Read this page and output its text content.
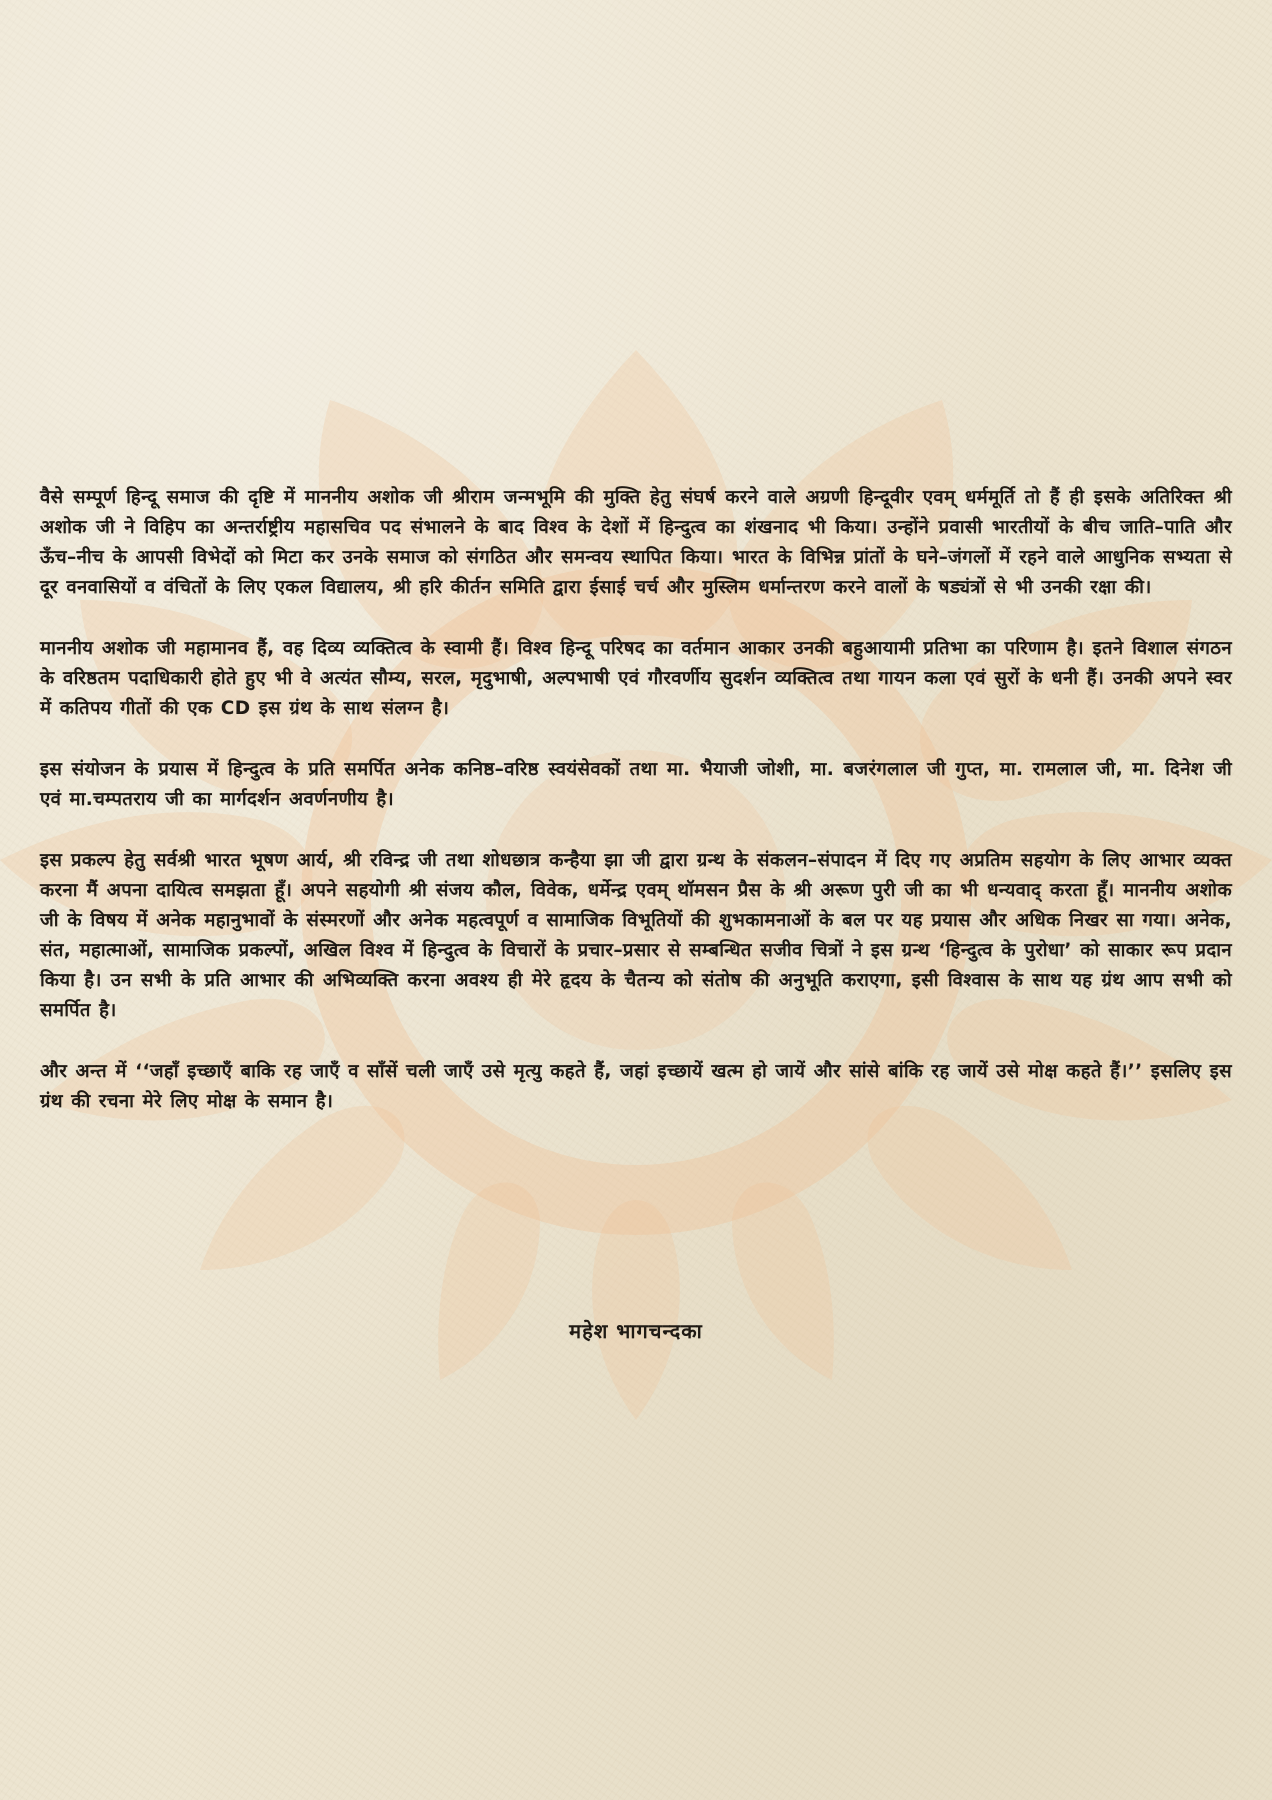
वैसे सम्पूर्ण हिन्दू समाज की दृष्टि में माननीय अशोक जी श्रीराम जन्मभूमि की मुक्ति हेतु संघर्ष करने वाले अग्रणी हिन्दूवीर एवम् धर्ममूर्ति तो हैं ही इसके अतिरिक्त श्री अशोक जी ने विहिप का अन्तर्राष्ट्रीय महासचिव पद संभालने के बाद विश्व के देशों में हिन्दुत्व का शंखनाद भी किया। उन्होंने प्रवासी भारतीयों के बीच जाति–पाति और ऊँच–नीच के आपसी विभेदों को मिटा कर उनके समाज को संगठित और समन्वय स्थापित किया। भारत के विभिन्न प्रांतों के घने–जंगलों में रहने वाले आधुनिक सभ्यता से दूर वनवासियों व वंचितों के लिए एकल विद्यालय, श्री हरि कीर्तन समिति द्वारा ईसाई चर्च और मुस्लिम धर्मान्तरण करने वालों के षड्यंत्रों से भी उनकी रक्षा की।

माननीय अशोक जी महामानव हैं, वह दिव्य व्यक्तित्व के स्वामी हैं। विश्व हिन्दू परिषद का वर्तमान आकार उनकी बहुआयामी प्रतिभा का परिणाम है। इतने विशाल संगठन के वरिष्ठतम पदाधिकारी होते हुए भी वे अत्यंत सौम्य, सरल, मृदुभाषी, अल्पभाषी एवं गौरवर्णीय सुदर्शन व्यक्तित्व तथा गायन कला एवं सुरों के धनी हैं। उनकी अपने स्वर में कतिपय गीतों की एक CD इस ग्रंथ के साथ संलग्न है।

इस संयोजन के प्रयास में हिन्दुत्व के प्रति समर्पित अनेक कनिष्ठ–वरिष्ठ स्वयंसेवकों तथा मा. भैयाजी जोशी, मा. बजरंगलाल जी गुप्त, मा. रामलाल जी, मा. दिनेश जी एवं मा.चम्पतराय जी का मार्गदर्शन अवर्णनणीय है।

इस प्रकल्प हेतु सर्वश्री भारत भूषण आर्य, श्री रविन्द्र जी तथा शोधछात्र कन्हैया झा जी द्वारा ग्रन्थ के संकलन–संपादन में दिए गए अप्रतिम सहयोग के लिए आभार व्यक्त करना मैं अपना दायित्व समझता हूँ। अपने सहयोगी श्री संजय कौल, विवेक, धर्मेन्द्र एवम् थॉमसन प्रैस के श्री अरूण पुरी जी का भी धन्यवाद् करता हूँ। माननीय अशोक जी के विषय में अनेक महानुभावों के संस्मरणों और अनेक महत्वपूर्ण व सामाजिक विभूतियों की शुभकामनाओं के बल पर यह प्रयास और अधिक निखर सा गया। अनेक, संत, महात्माओं, सामाजिक प्रकल्पों, अखिल विश्व में हिन्दुत्व के विचारों के प्रचार–प्रसार से सम्बन्धित सजीव चित्रों ने इस ग्रन्थ ‘हिन्दुत्व के पुरोधा’ को साकार रूप प्रदान किया है। उन सभी के प्रति आभार की अभिव्यक्ति करना अवश्य ही मेरे हृदय के चैतन्य को संतोष की अनुभूति कराएगा, इसी विश्वास के साथ यह ग्रंथ आप सभी को समर्पित है।

और अन्त में ‘‘जहाँ इच्छाएँ बाकि रह जाएँ व साँसें चली जाएँ उसे मृत्यु कहते हैं, जहां इच्छायें खत्म हो जायें और सांसे बांकि रह जायें उसे मोक्ष कहते हैं।’’ इसलिए इस ग्रंथ की रचना मेरे लिए मोक्ष के समान है।

महेश भागचन्दका
